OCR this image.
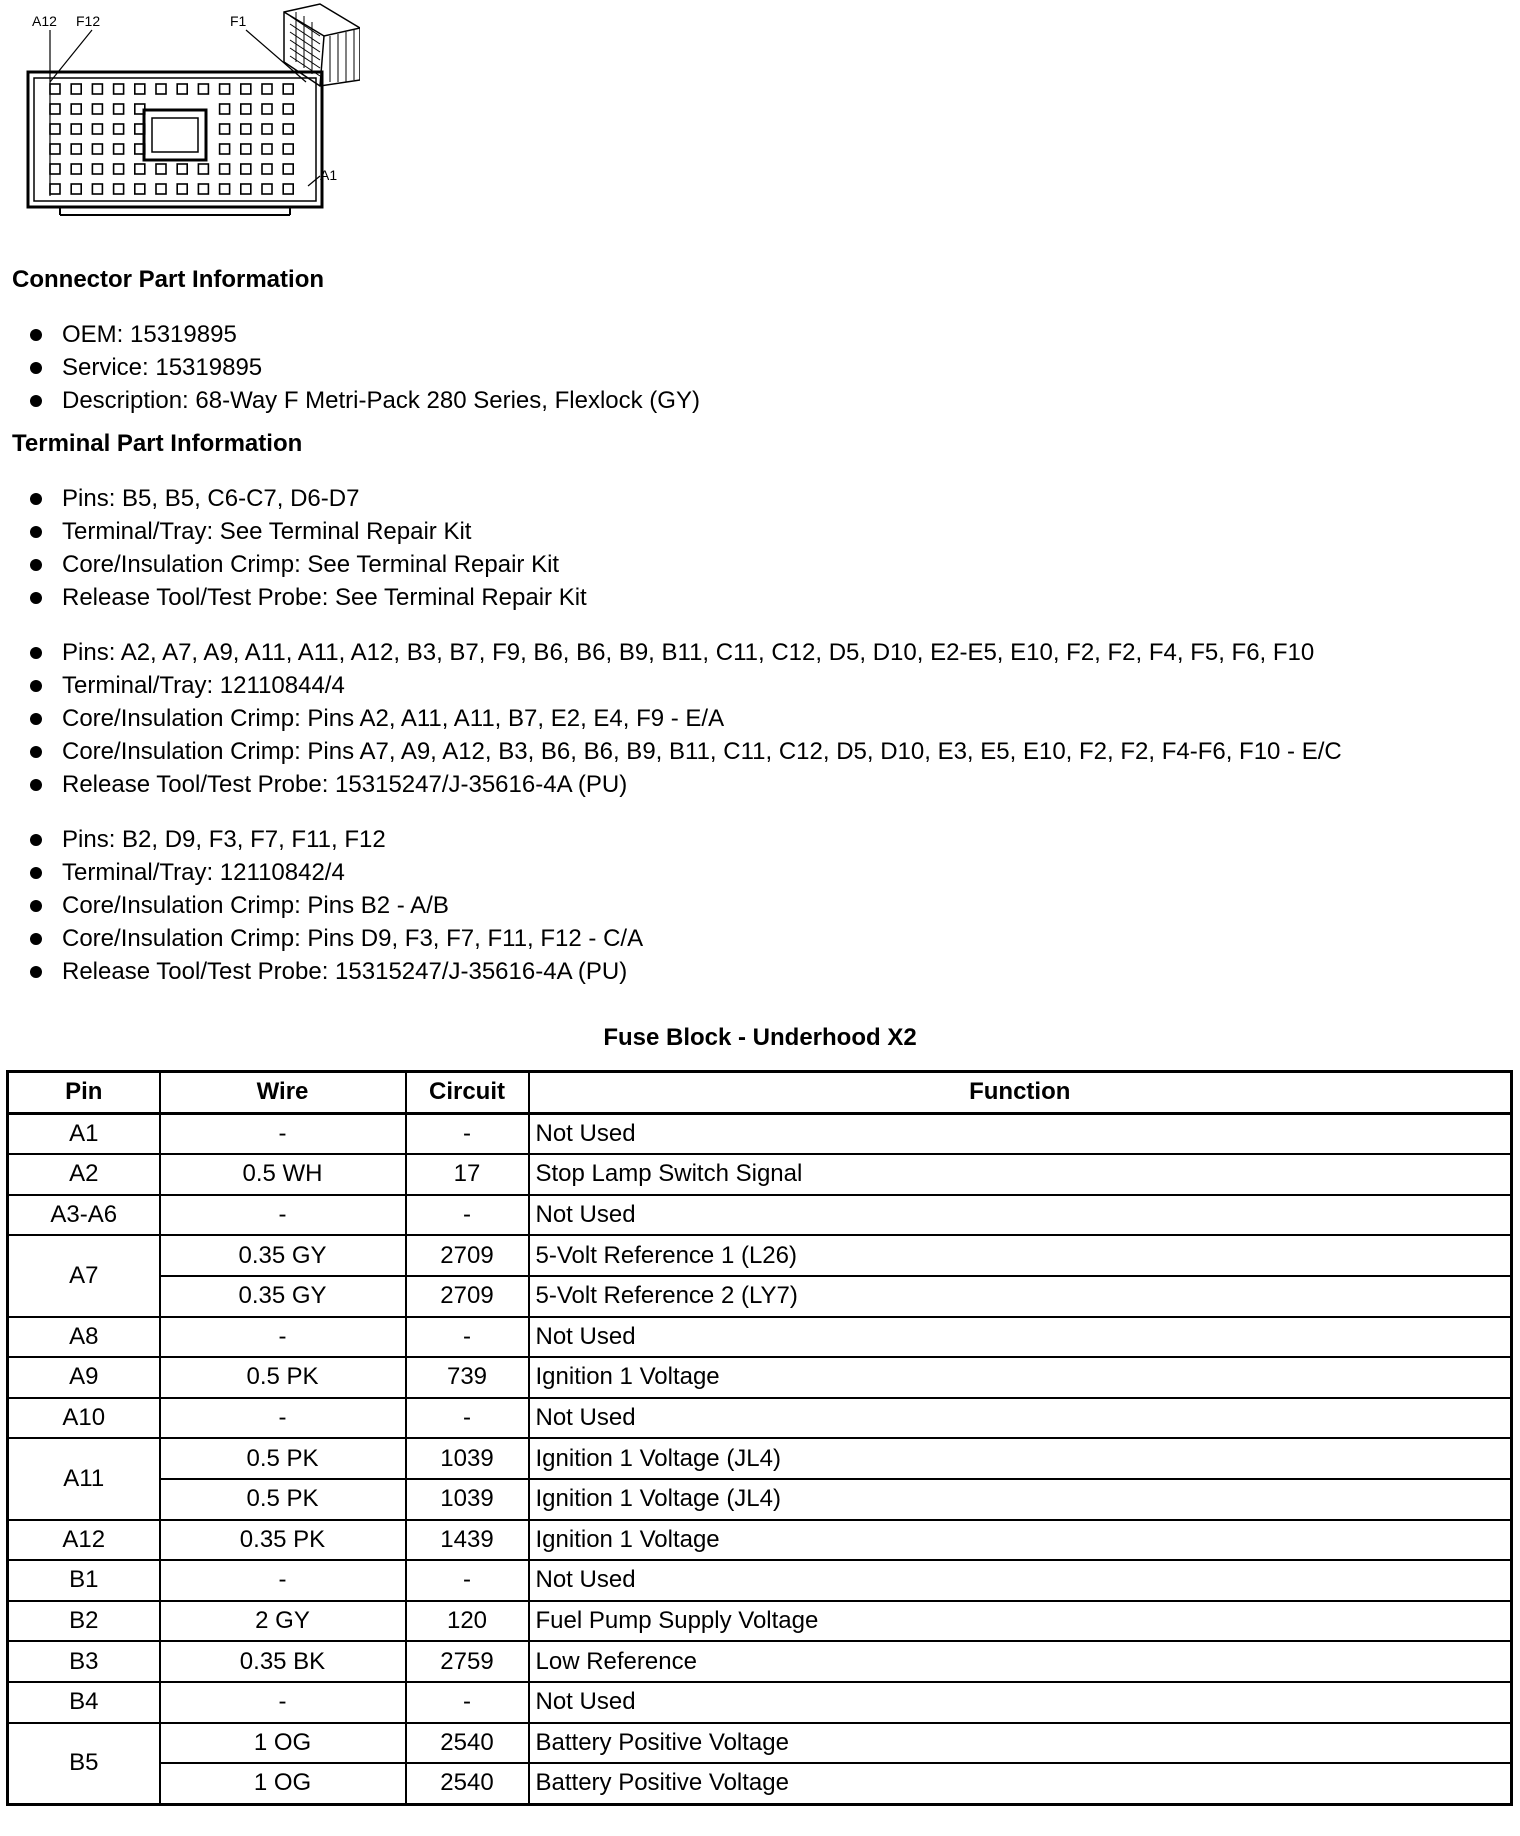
A12 F12	F1
A1
Connector Part Information
OEM: 15319895
Service: 15319895
Description: 68-Way F Metri-Pack 280 Series, Flexlock (GY)
Terminal Part Information
Pins: B5, B5, C6-C7, D6-D7
Terminal/Tray: See Terminal Repair Kit
Core/Insulation Crimp: See Terminal Repair Kit
Release Tool/Test Probe: See Terminal Repair Kit
Pins: A2, A7, A9, A11, A11, A12, B3, B7, F9, B6, B6, B9, B11, C11, C12, D5, D10, E2-E5, E10, F2, F2, F4, F5, F6, F10
Terminal/Tray: 12110844/4
Core/Insulation Crimp: Pins A2, A11, A11, B7, E2, E4, F9 - E/A
Core/Insulation Crimp: Pins A7, A9, A12, B3, B6, B6, B9, B11, C11, C12, D5, D10, E3, E5, E10, F2, F2, F4-F6, F10 - E/C
Release Tool/Test Probe: 15315247/J-35616-4A (PU)
Pins: B2, D9, F3, F7, F11, F12
Terminal/Tray: 12110842/4
Core/Insulation Crimp: Pins B2 - A/B
Core/Insulation Crimp: Pins D9, F3, F7, F11, F12 - C/A
Release Tool/Test Probe: 15315247/J-35616-4A (PU)
Fuse Block - Underhood X2
Pin	Wire	Circuit	Function
A1	-	-	Not Used
A2	0.5 WH	17	Stop Lamp Switch Signal
A3-A6	-	-	Not Used
A7	0.35 GY	2709	5-Volt Reference 1 (L26)
	0.35 GY	2709	5-Volt Reference 2 (LY7)
A8	-	-	Not Used
A9	0.5 PK	739	Ignition 1 Voltage
A10	-	-	Not Used
A11	0.5 PK	1039	Ignition 1 Voltage (JL4)
	0.5 PK	1039	Ignition 1 Voltage (JL4)
A12	0.35 PK	1439	Ignition 1 Voltage
B1	-	-	Not Used
B2	2 GY	120	Fuel Pump Supply Voltage
B3	0.35 BK	2759	Low Reference
B4	-	-	Not Used
B5	1 OG	2540	Battery Positive Voltage
	1 OG	2540	Battery Positive Voltage
